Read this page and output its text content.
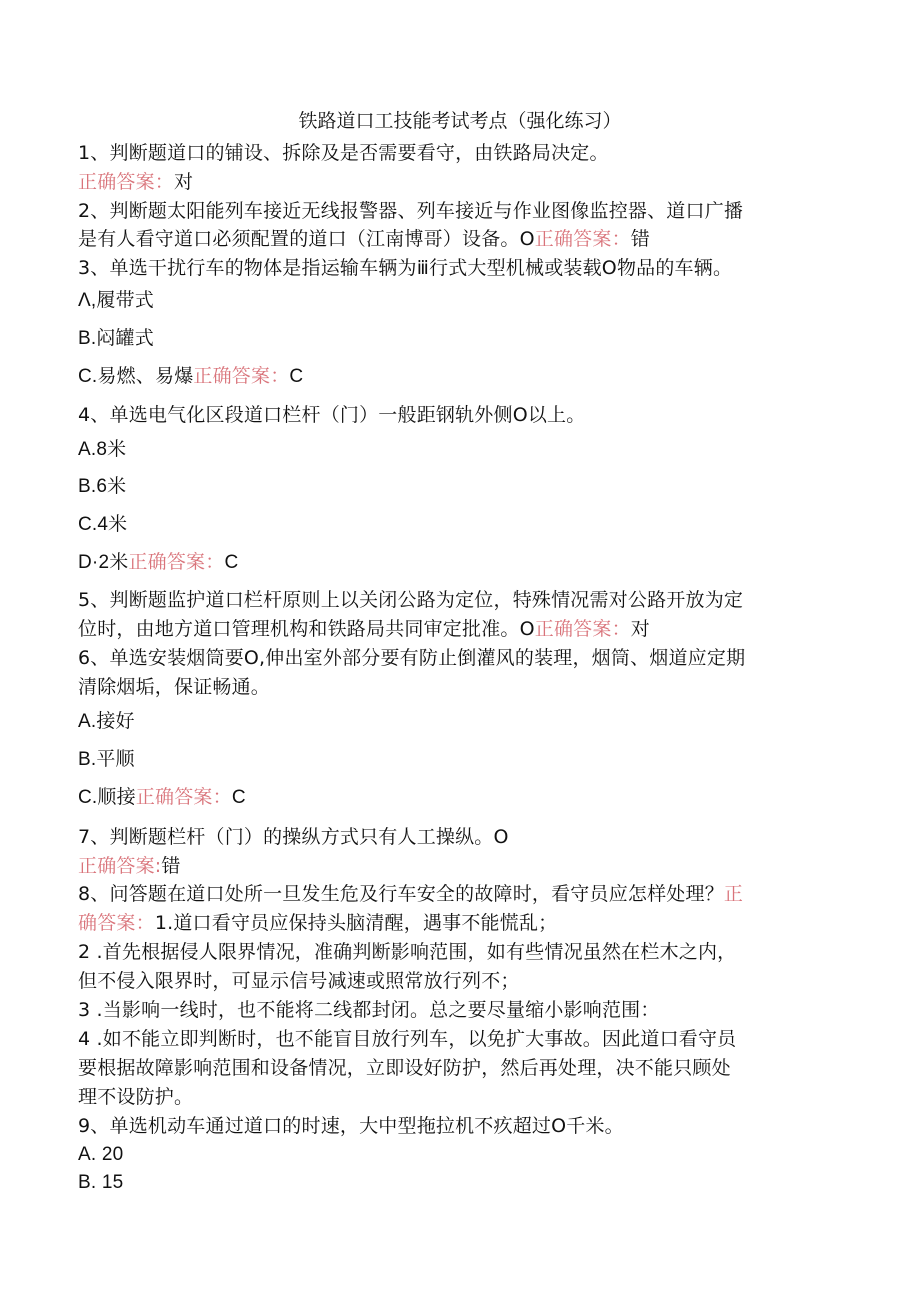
铁路道口工技能考试考点（强化练习）
1、判断题道口的铺设、拆除及是否需要看守，由铁路局决定。
正确答案：对
2、判断题太阳能列车接近无线报警器、列车接近与作业图像监控器、道口广播
是有人看守道口必须配置的道口（江南博哥）设备。O正确答案：错
3、单选干扰行车的物体是指运输车辆为ⅲ行式大型机械或装载O物品的车辆。
Λ,履带式
B.闷罐式
C.易燃、易爆正确答案：C
4、单选电气化区段道口栏杆（门）一般距钢轨外侧O以上。
A.8米
B.6米
C.4米
D·2米正确答案：C
5、判断题监护道口栏杆原则上以关闭公路为定位，特殊情况需对公路开放为定
位时，由地方道口管理机构和铁路局共同审定批准。O正确答案：对
6、单选安装烟筒要O,伸出室外部分要有防止倒灌风的装理，烟筒、烟道应定期
清除烟垢，保证畅通。
A.接好
B.平顺
C.顺接正确答案：C
7、判断题栏杆（门）的操纵方式只有人工操纵。O
正确答案:错
8、问答题在道口处所一旦发生危及行车安全的故障时，看守员应怎样处理？正
确答案：1.道口看守员应保持头脑清醒，遇事不能慌乱；
2 .首先根据侵人限界情况，准确判断影响范围，如有些情况虽然在栏木之内，
但不侵入限界时，可显示信号减速或照常放行列不；
3 .当影响一线时，也不能将二线都封闭。总之要尽量缩小影响范围：
4 .如不能立即判断时，也不能盲目放行列车，以免扩大事故。因此道口看守员
要根据故障影响范围和设备情况，立即设好防护，然后再处理，决不能只顾处
理不设防护。
9、单选机动车通过道口的时速，大中型拖拉机不疚超过O千米。
A. 20
B. 15
